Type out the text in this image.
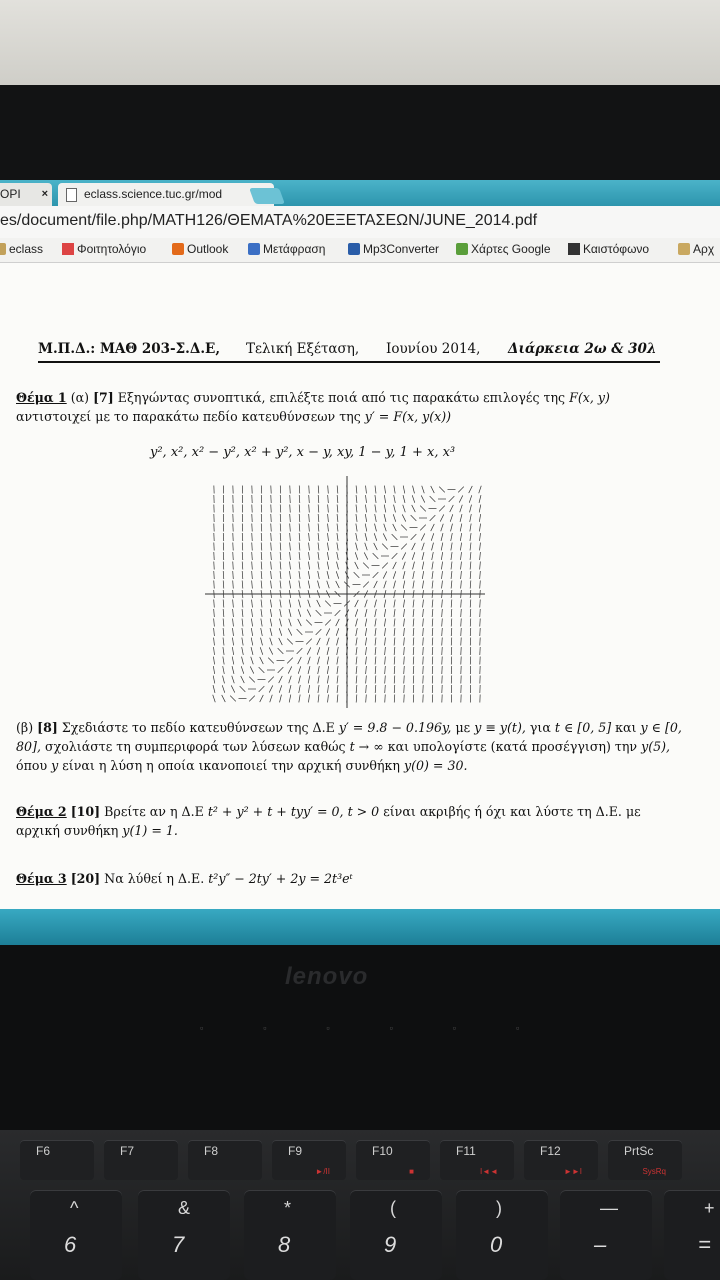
OPI ×	eclass.science.tuc.gr/mod
es/document/file.php/MATH126/ΘΕΜΑΤΑ%20ΕΞΕΤΑΣΕΩΝ/JUNE_2014.pdf
eclass	Φοιτητολόγιο	Outlook	Μετάφραση	Mp3Converter	Χάρτες Google	Καιστόφωνο	Αρχ
Μ.Π.Δ.: ΜΑΘ 203-Σ.Δ.Ε, Τελική Εξέταση, Ιουνίου 2014, Διάρκεια 2ω & 30λ
Θέμα 1 (α) [7] Εξηγώντας συνοπτικά, επιλέξτε ποιά από τις παρακάτω επιλογές της F(x, y) αντιστοιχεί με το παρακάτω πεδίο κατευθύνσεων της y′ = F(x, y(x))
y², x², x² − y², x² + y², x − y, xy, 1 − y, 1 + x, x³
(β) [8] Σχεδιάστε το πεδίο κατευθύνσεων της Δ.Ε y′ = 9.8 − 0.196y, με y ≡ y(t), για t ∈ [0, 5] και y ∈ [0, 80], σχολιάστε τη συμπεριφορά των λύσεων καθώς t → ∞ και υπολογίστε (κατά προσέγγιση) την y(5), όπου y είναι η λύση η οποία ικανοποιεί την αρχική συνθήκη y(0) = 30.
Θέμα 2 [10] Βρείτε αν η Δ.Ε t² + y² + t + tyy′ = 0, t > 0 είναι ακριβής ή όχι και λύστε τη Δ.Ε. με αρχική συνθήκη y(1) = 1.
Θέμα 3 [20] Να λύθεί η Δ.Ε. t²y″ − 2ty′ + 2y = 2t³eᵗ
lenovo
▫▫▫▫▫▫
F6	F7	F8	F9
►/II
F10
■
F11
I◄◄
F12
►►I
PrtSc
SysRq
^
6
&
7
*
8
(
9
)
0
—
–
+
=
